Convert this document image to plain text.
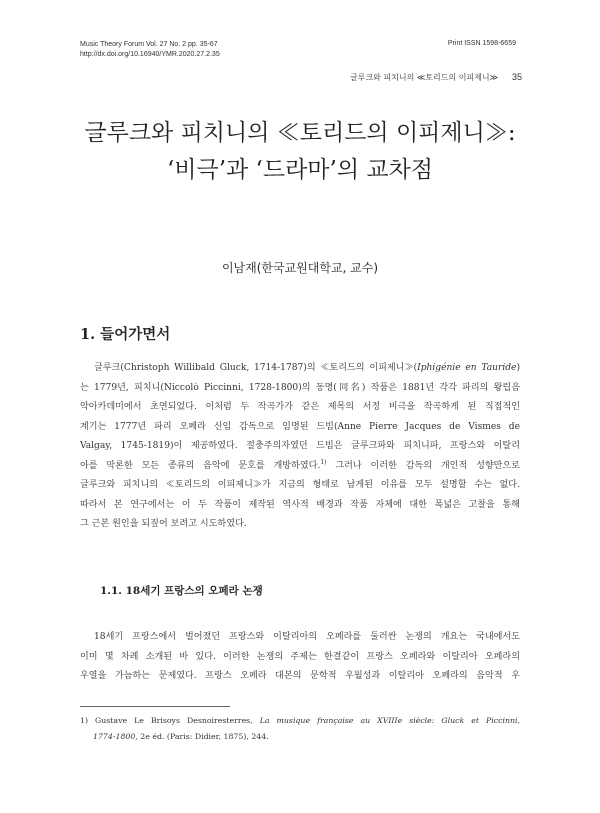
Music Theory Forum Vol. 27 No. 2 pp. 35-67
http://dx.doi.org/10.16940/YMR.2020.27.2.35
Print ISSN 1598-6659
글루크와 피치니의 ≪토리드의 이피제니≫ 35
글루크와 피치니의 ≪토리드의 이피제니≫:
‘비극’과 ‘드라마’의 교차점
이남재(한국교원대학교, 교수)
1. 들어가면서
글루크(Christoph Willibald Gluck, 1714-1787)의 ≪토리드의 이피제니≫(Iphigénie en Tauride)
는 1779년, 피치니(Niccolò Piccinni, 1728-1800)의 동명(同名) 작품은 1881년 각각 파리의 왕립음
악아카데미에서 초연되었다. 이처럼 두 작곡가가 같은 제목의 서정 비극을 작곡하게 된 직접적인
계기는 1777년 파리 오페라 신임 감독으로 임명된 드빔(Anne Pierre Jacques de Vismes de
Valgay, 1745-1819)이 제공하였다. 절충주의자였던 드빔은 글루크파와 피치니파, 프랑스와 이탈리
아를 막론한 모든 종류의 음악에 문호를 개방하였다.$^{1)}$ 그러나 이러한 감독의 개인적 성향만으로
글루크와 피치니의 ≪토리드의 이피제니≫가 지금의 형태로 남게된 이유를 모두 설명할 수는 없다.
따라서 본 연구에서는 이 두 작품이 제작된 역사적 배경과 작품 자체에 대한 폭넓은 고찰을 통해
그 근본 원인을 되짚어 보려고 시도하였다.
1.1. 18세기 프랑스의 오페라 논쟁
18세기 프랑스에서 벌어졌던 프랑스와 이탈리아의 오페라를 둘러싼 논쟁의 개요는 국내에서도
이미 몇 차례 소개된 바 있다. 이러한 논쟁의 주제는 한결같이 프랑스 오페라와 이탈리아 오페라의
우열을 가늠하는 문제였다. 프랑스 오페라 대본의 문학적 우월성과 이탈리아 오페라의 음악적 우
1) Gustave Le Brisoys Desnoiresterres, La musique française au XVIIIe siècle: Gluck et Piccinni,
1774-1800, 2e éd. (Paris: Didier, 1875), 244.
